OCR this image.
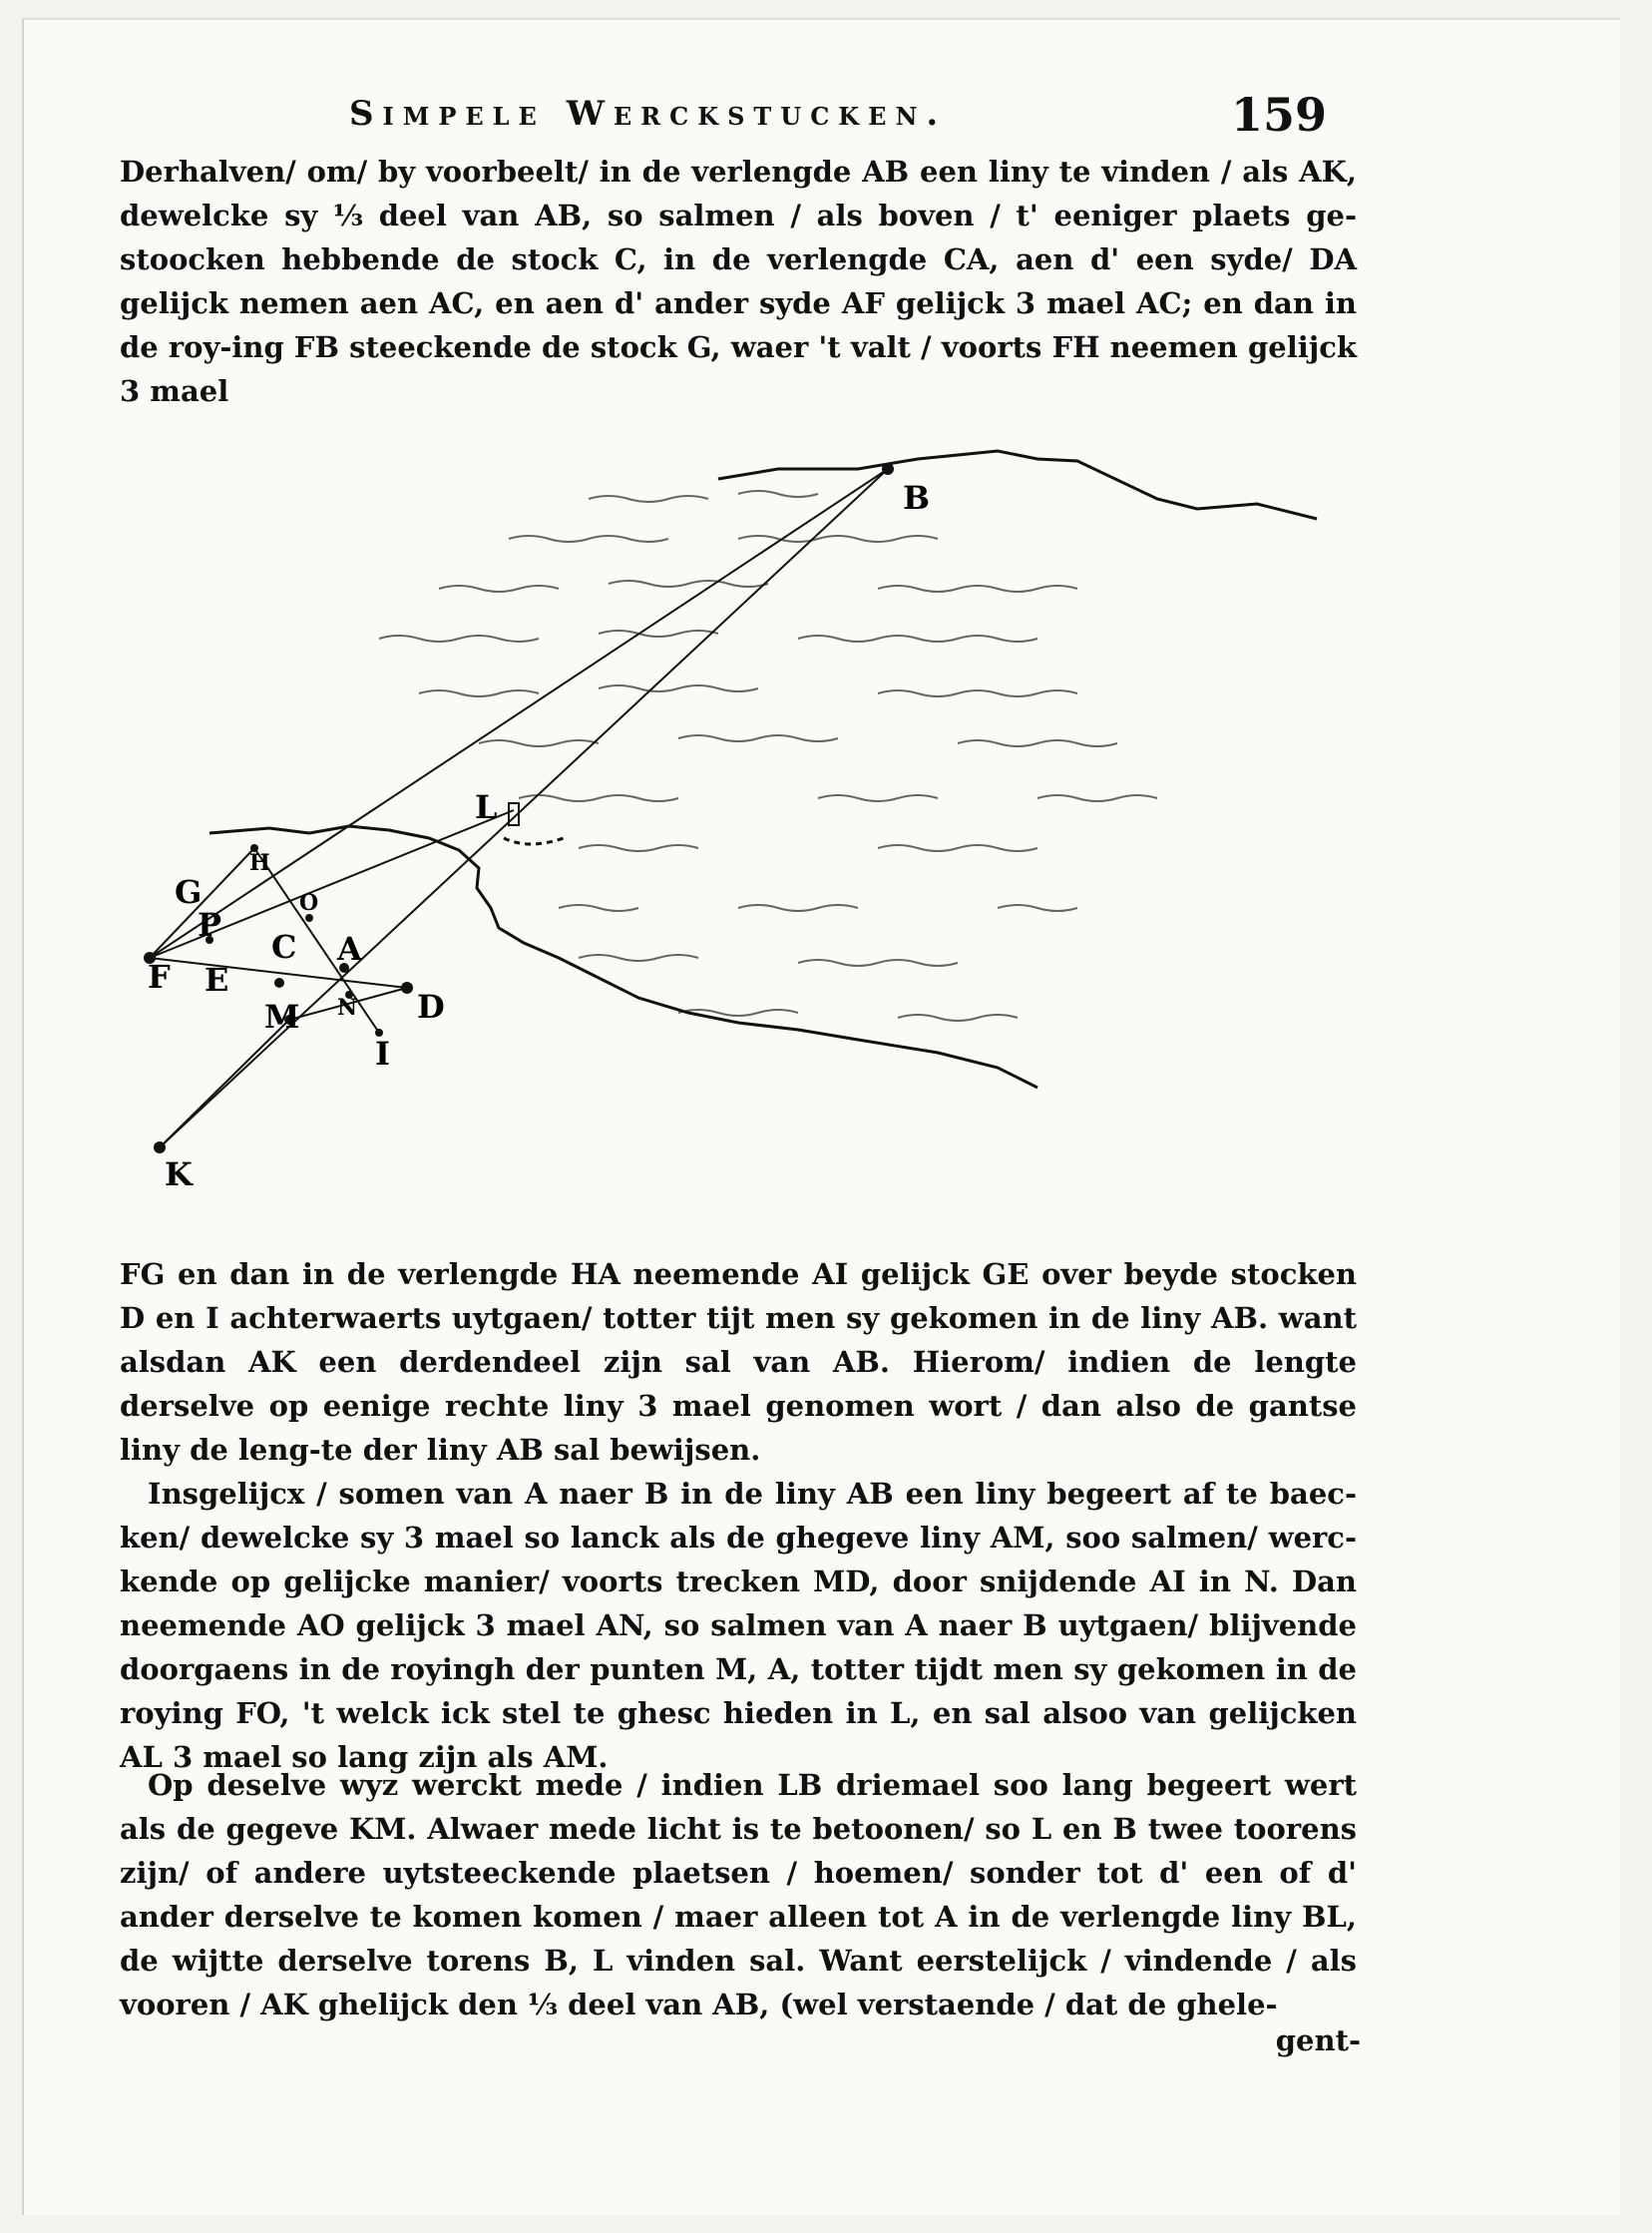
Simpele Werckstucken.	159

Derhalven/ om/ by voorbeelt/ in de verlengde AB een liny te vinden / als AK, dewelcke sy ⅓ deel van AB, so salmen / als boven / t' eeniger plaets ge-stoocken hebbende de stock C, in de verlengde CA, aen d' een syde/ DA gelijck nemen aen AC, en aen d' ander syde AF gelijck 3 mael AC; en dan in de roy-ing FB steeckende de stock G, waer 't valt / voorts FH neemen gelijck 3 mael

B
L
H
G	O
P
F E
C A
N D
M
I
K

FG en dan in de verlengde HA neemende AI gelijck GE over beyde stocken D en I achterwaerts uytgaen/ totter tijt men sy gekomen in de liny AB. want alsdan AK een derdendeel zijn sal van AB. Hierom/ indien de lengte derselve op eenige rechte liny 3 mael genomen wort / dan also de gantse liny de leng-te der liny AB sal bewijsen.

Insgelijcx / somen van A naer B in de liny AB een liny begeert af te baec-ken/ dewelcke sy 3 mael so lanck als de ghegeve liny AM, soo salmen/ werc-kende op gelijcke manier/ voorts trecken MD, door snijdende AI in N. Dan neemende AO gelijck 3 mael AN, so salmen van A naer B uytgaen/ blijvende doorgaens in de royingh der punten M, A, totter tijdt men sy gekomen in de roying FO, 't welck ick stel te ghesc hieden in L, en sal alsoo van gelijcken AL 3 mael so lang zijn als AM.

Op deselve wyz werckt mede / indien LB driemael soo lang begeert wert als de gegeve KM. Alwaer mede licht is te betoonen/ so L en B twee toorens zijn/ of andere uytsteeckende plaetsen / hoemen/ sonder tot d' een of d' ander derselve te komen komen / maer alleen tot A in de verlengde liny BL, de wijtte derselve torens B, L vinden sal. Want eerstelijck / vindende / als vooren / AK ghelijck den ⅓ deel van AB, (wel verstaende / dat de ghele-

gent-
